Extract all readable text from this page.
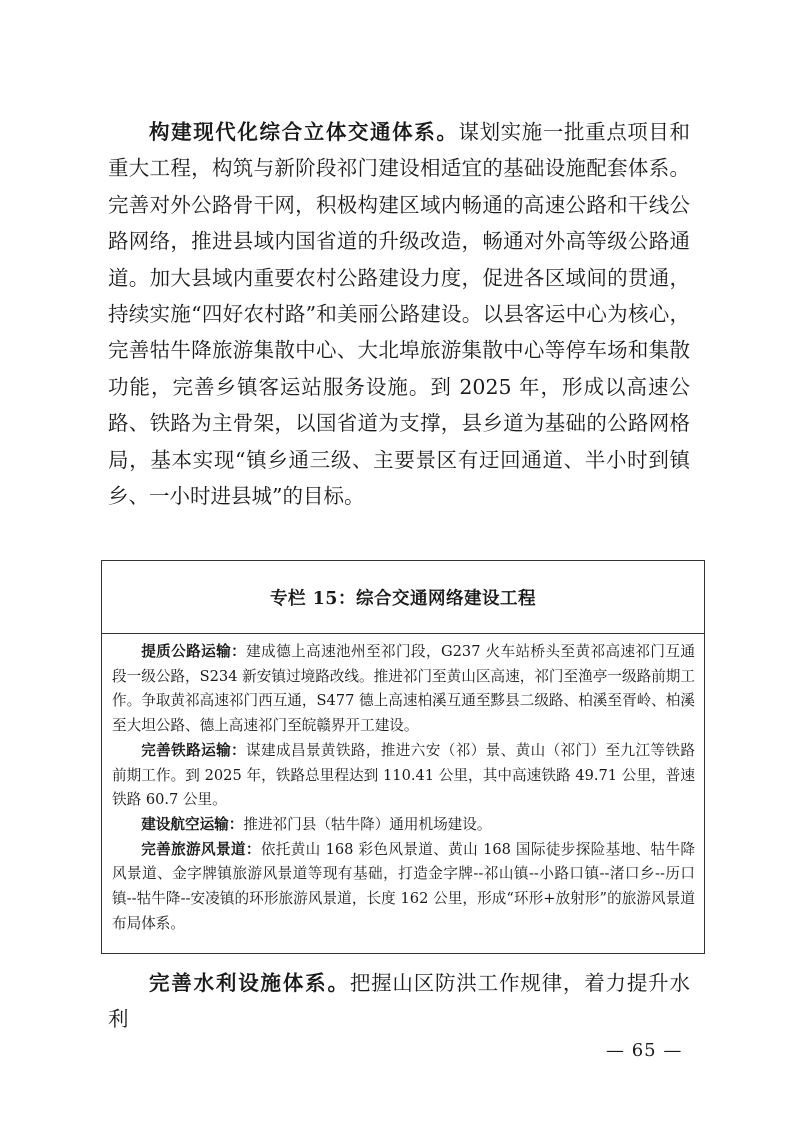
构建现代化综合立体交通体系。谋划实施一批重点项目和重大工程，构筑与新阶段祁门建设相适宜的基础设施配套体系。完善对外公路骨干网，积极构建区域内畅通的高速公路和干线公路网络，推进县域内国省道的升级改造，畅通对外高等级公路通道。加大县域内重要农村公路建设力度，促进各区域间的贯通，持续实施“四好农村路”和美丽公路建设。以县客运中心为核心，完善牯牛降旅游集散中心、大北埠旅游集散中心等停车场和集散功能，完善乡镇客运站服务设施。到 2025 年，形成以高速公路、铁路为主骨架，以国省道为支撑，县乡道为基础的公路网格局，基本实现“镇乡通三级、主要景区有迂回通道、半小时到镇乡、一小时进县城”的目标。

专栏 15：综合交通网络建设工程

提质公路运输：建成德上高速池州至祁门段，G237 火车站桥头至黄祁高速祁门互通段一级公路，S234 新安镇过境路改线。推进祁门至黄山区高速，祁门至渔亭一级路前期工作。争取黄祁高速祁门西互通，S477 德上高速柏溪互通至黟县二级路、柏溪至胥岭、柏溪至大坦公路、德上高速祁门至皖赣界开工建设。

完善铁路运输：谋建成昌景黄铁路，推进六安（祁）景、黄山（祁门）至九江等铁路前期工作。到 2025 年，铁路总里程达到 110.41 公里，其中高速铁路 49.71 公里，普速铁路 60.7 公里。

建设航空运输：推进祁门县（牯牛降）通用机场建设。

完善旅游风景道：依托黄山 168 彩色风景道、黄山 168 国际徒步探险基地、牯牛降风景道、金字牌镇旅游风景道等现有基础，打造金字牌--祁山镇--小路口镇--渚口乡--历口镇--牯牛降--安凌镇的环形旅游风景道，长度 162 公里，形成“环形+放射形”的旅游风景道布局体系。

完善水利设施体系。把握山区防洪工作规律，着力提升水利

— 65 —
